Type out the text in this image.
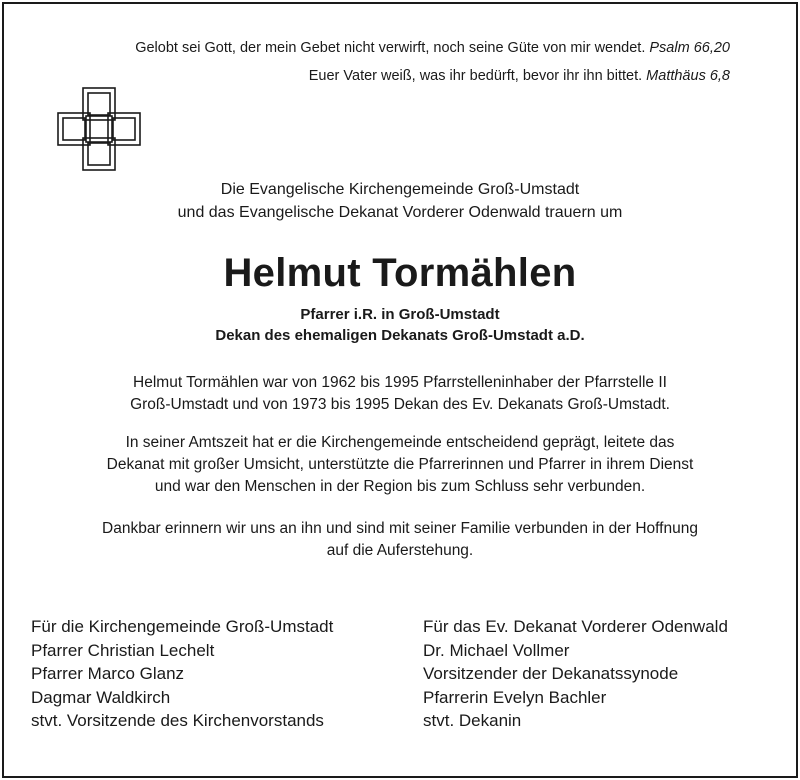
Gelobt sei Gott, der mein Gebet nicht verwirft, noch seine Güte von mir wendet. Psalm 66,20
Euer Vater weiß, was ihr bedürft, bevor ihr ihn bittet. Matthäus 6,8
Die Evangelische Kirchengemeinde Groß-Umstadt
und das Evangelische Dekanat Vorderer Odenwald trauern um
Helmut Tormählen
Pfarrer i.R. in Groß-Umstadt
Dekan des ehemaligen Dekanats Groß-Umstadt a.D.
Helmut Tormählen war von 1962 bis 1995 Pfarrstelleninhaber der Pfarrstelle II
Groß-Umstadt und von 1973 bis 1995 Dekan des Ev. Dekanats Groß-Umstadt.
In seiner Amtszeit hat er die Kirchengemeinde entscheidend geprägt, leitete das
Dekanat mit großer Umsicht, unterstützte die Pfarrerinnen und Pfarrer in ihrem Dienst
und war den Menschen in der Region bis zum Schluss sehr verbunden.
Dankbar erinnern wir uns an ihn und sind mit seiner Familie verbunden in der Hoffnung
auf die Auferstehung.
Für die Kirchengemeinde Groß-Umstadt
Pfarrer Christian Lechelt
Pfarrer Marco Glanz
Dagmar Waldkirch
stvt. Vorsitzende des Kirchenvorstands
Für das Ev. Dekanat Vorderer Odenwald
Dr. Michael Vollmer
Vorsitzender der Dekanatssynode
Pfarrerin Evelyn Bachler
stvt. Dekanin
